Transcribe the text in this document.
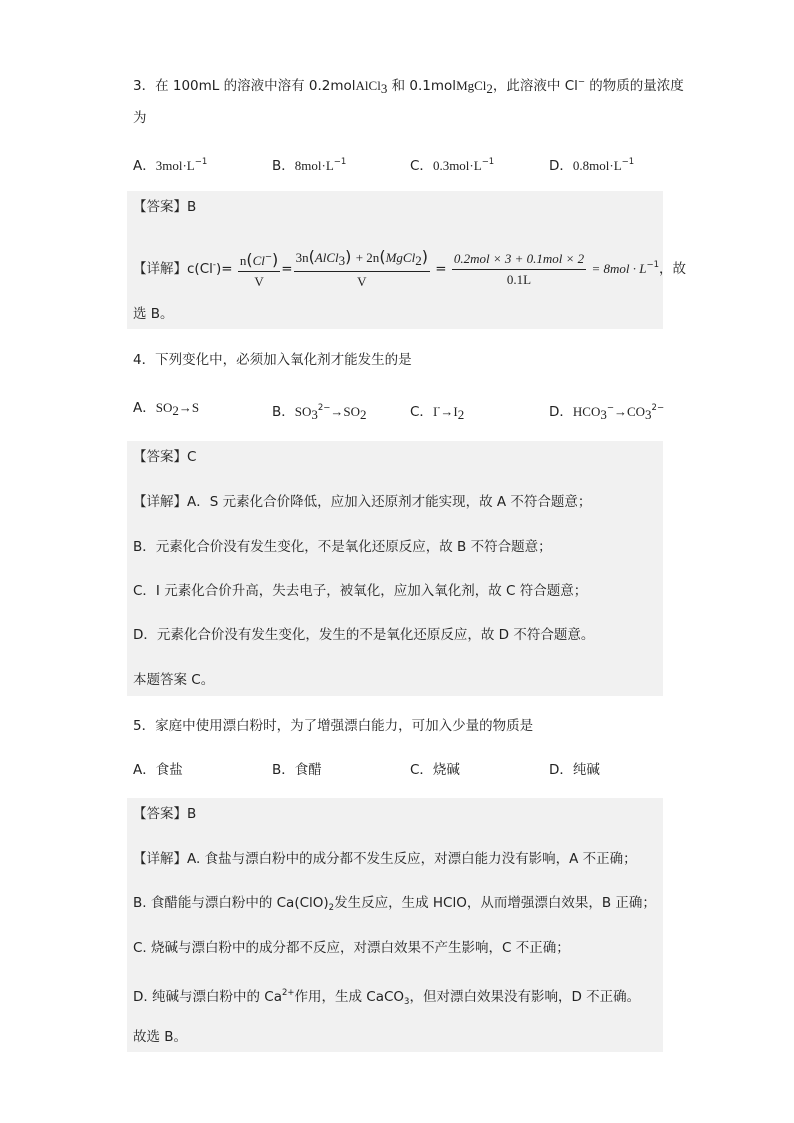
3．在 100mL 的溶液中溶有 0.2molAlCl$_3$ 和 0.1molMgCl$_2$，此溶液中 Cl− 的物质的量浓度
为
A．$3mol\cdot L^{-1}$	B．$8mol\cdot L^{-1}$	C．$0.3mol\cdot L^{-1}$	D．$0.8mol\cdot L^{-1}$
【答案】B
【详解】$c(Cl^-)= \frac{n(Cl^-)}{V} = \frac{3n(AlCl_3) + 2n(MgCl_2)}{V} = \frac{\text{0.2mol × 3 + 0.1mol × 2}}{0.1L} = 8mol \cdot L^{-1}$，故
选 B。
4．下列变化中，必须加入氧化剂才能发生的是
A．$SO_2\to S$	B．$SO_3^{2-}\to SO_2$	C．$I^-\to I_2$	D．$HCO_3^-\to CO_3^{2-}$
【答案】C
【详解】A．S 元素化合价降低，应加入还原剂才能实现，故 A 不符合题意；
B．元素化合价没有发生变化，不是氧化还原反应，故 B 不符合题意；
C．I 元素化合价升高，失去电子，被氧化，应加入氧化剂，故 C 符合题意；
D．元素化合价没有发生变化，发生的不是氧化还原反应，故 D 不符合题意。
本题答案 C。
5．家庭中使用漂白粉时，为了增强漂白能力，可加入少量的物质是
A．食盐	B．食醋	C．烧碱	D．纯碱
【答案】B
【详解】A. 食盐与漂白粉中的成分都不发生反应，对漂白能力没有影响，A 不正确；
B. 食醋能与漂白粉中的 $Ca(ClO)_2$发生反应，生成 HClO，从而增强漂白效果，B 正确；
C. 烧碱与漂白粉中的成分都不反应，对漂白效果不产生影响，C 不正确；
D. 纯碱与漂白粉中的 $Ca^{2+}$作用，生成 CaCO$_3$，但对漂白效果没有影响，D 不正确。
故选 B。
